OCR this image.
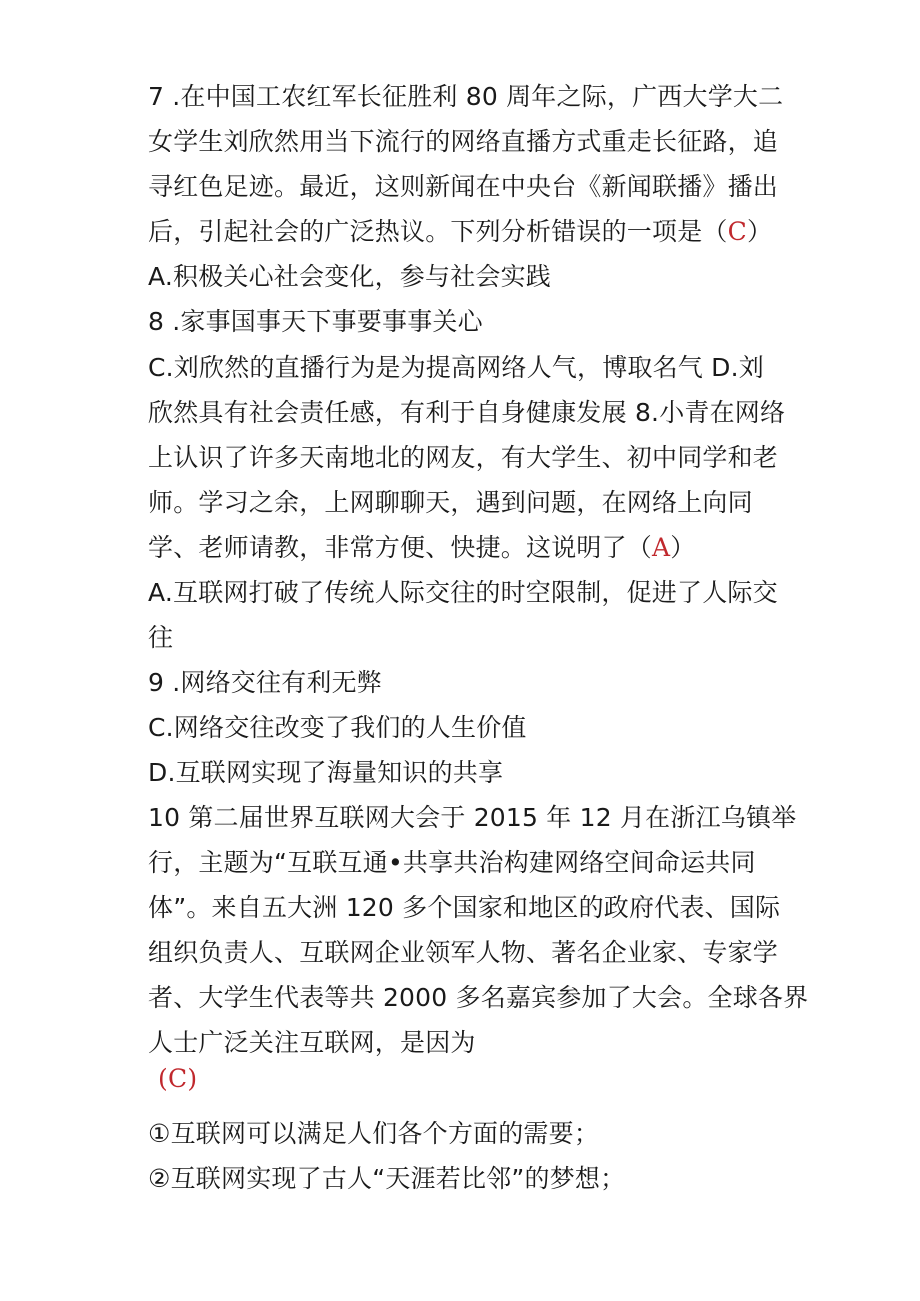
7 .在中国工农红军长征胜利 80 周年之际，广西大学大二
女学生刘欣然用当下流行的网络直播方式重走长征路，追
寻红色足迹。最近，这则新闻在中央台《新闻联播》播出
后，引起社会的广泛热议。下列分析错误的一项是（C）
A.积极关心社会变化，参与社会实践
8 .家事国事天下事要事事关心
C.刘欣然的直播行为是为提高网络人气，博取名气 D.刘
欣然具有社会责任感，有利于自身健康发展 8.小青在网络
上认识了许多天南地北的网友，有大学生、初中同学和老
师。学习之余，上网聊聊天，遇到问题，在网络上向同
学、老师请教，非常方便、快捷。这说明了（A）
A.互联网打破了传统人际交往的时空限制，促进了人际交
往
9 .网络交往有利无弊
C.网络交往改变了我们的人生价值
D.互联网实现了海量知识的共享
10 第二届世界互联网大会于 2015 年 12 月在浙江乌镇举
行，主题为“互联互通•共享共治构建网络空间命运共同
体”。来自五大洲 120 多个国家和地区的政府代表、国际
组织负责人、互联网企业领军人物、著名企业家、专家学
者、大学生代表等共 2000 多名嘉宾参加了大会。全球各界
人士广泛关注互联网，是因为
(C)
①互联网可以满足人们各个方面的需要；
②互联网实现了古人“天涯若比邻”的梦想；
